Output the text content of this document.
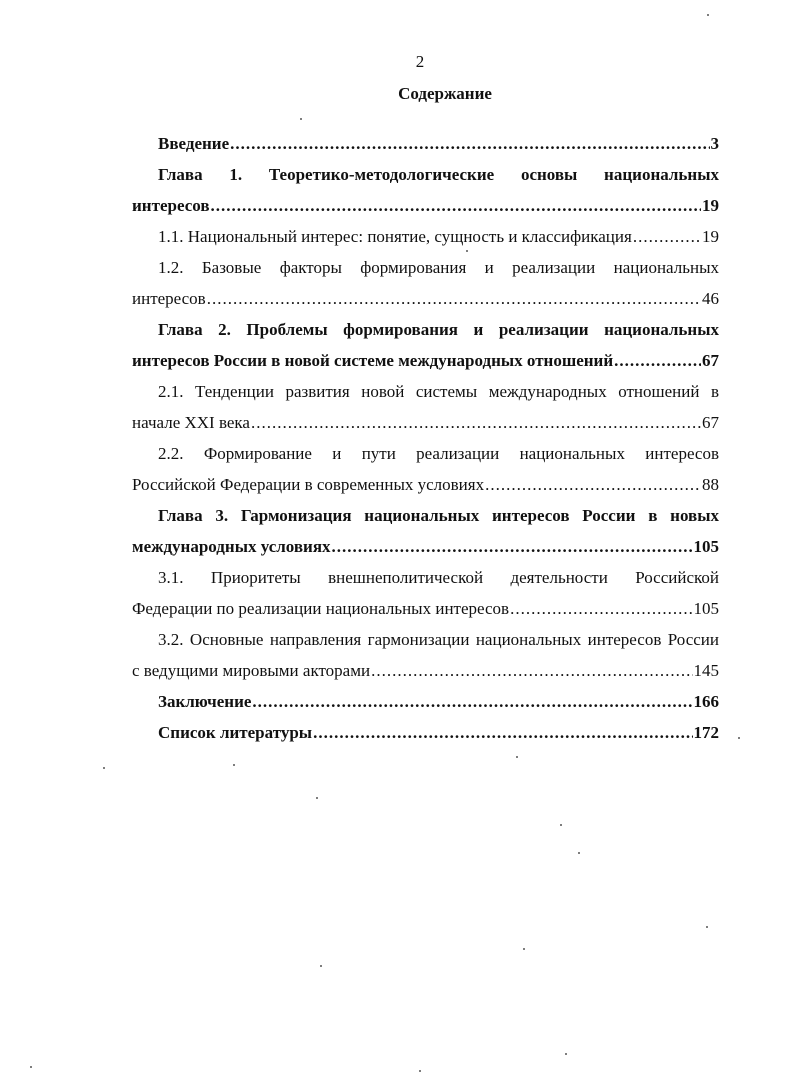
2
Содержание
Введение .....	3
Глава 1. Теоретико-методологические основы национальных
интересов .....	19
1.1. Национальный интерес: понятие, сущность и классификация .....	19
1.2. Базовые факторы формирования и реализации национальных
интересов .....	46
Глава 2. Проблемы формирования и реализации национальных
интересов России в новой системе международных отношений .....	67
2.1. Тенденции развития новой системы международных отношений в
начале XXI века .....	67
2.2. Формирование и пути реализации национальных интересов
Российской Федерации в современных условиях .....	88
Глава 3. Гармонизация национальных интересов России в новых
международных условиях .....	105
3.1. Приоритеты внешнеполитической деятельности Российской
Федерации по реализации национальных интересов .....	105
3.2. Основные направления гармонизации национальных интересов России
с ведущими мировыми акторами .....	145
Заключение .....	166
Список литературы .....	172
